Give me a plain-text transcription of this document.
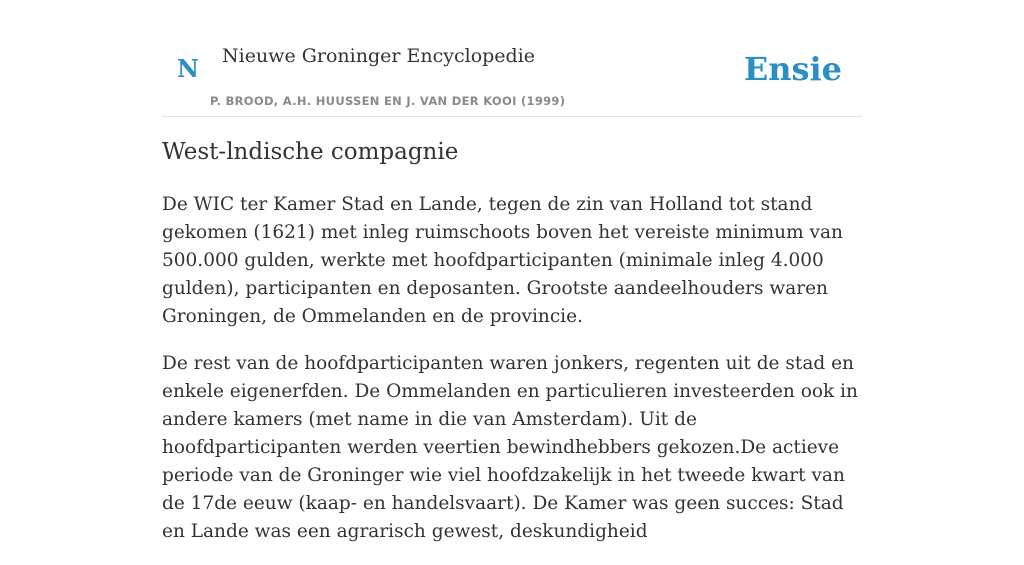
N Nieuwe Groninger Encyclopedie
P. BROOD, A.H. HUUSSEN EN J. VAN DER KOOI (1999)
Ensie
West-lndische compagnie

De WIC ter Kamer Stad en Lande, tegen de zin van Holland tot stand gekomen (1621) met inleg ruimschoots boven het vereiste minimum van 500.000 gulden, werkte met hoofdparticipanten (minimale inleg 4.000 gulden), participanten en deposanten. Grootste aandeelhouders waren Groningen, de Ommelanden en de provincie.

De rest van de hoofdparticipanten waren jonkers, regenten uit de stad en enkele eigenerfden. De Ommelanden en particulieren investeerden ook in andere kamers (met name in die van Amsterdam). Uit de hoofdparticipanten werden veertien bewindhebbers gekozen.De actieve periode van de Groninger wie viel hoofdzakelijk in het tweede kwart van de 17de eeuw (kaap- en handelsvaart). De Kamer was geen succes: Stad en Lande was een agrarisch gewest, deskundigheid
